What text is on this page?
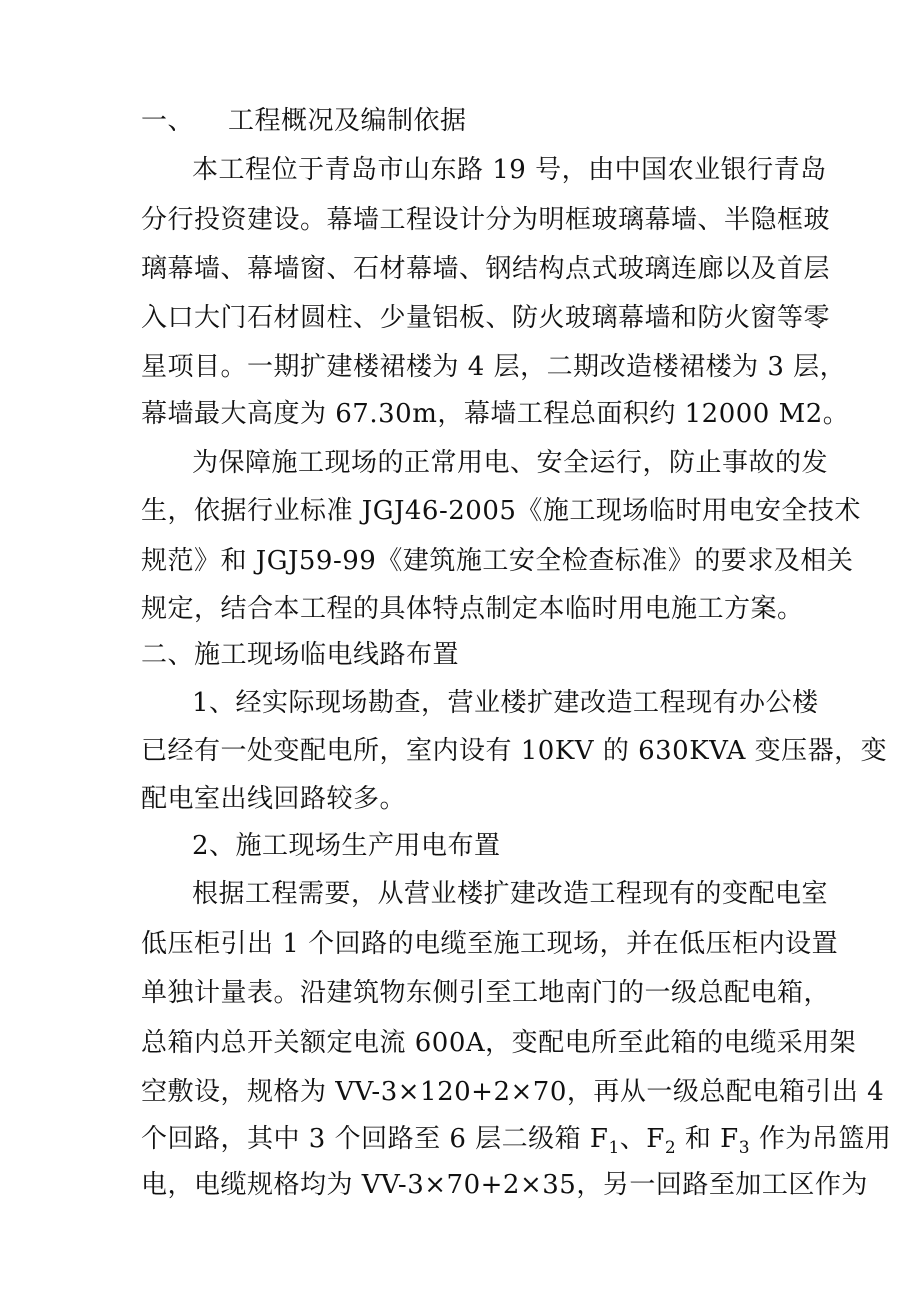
一、 工程概况及编制依据
本工程位于青岛市山东路 19 号，由中国农业银行青岛
分行投资建设。幕墙工程设计分为明框玻璃幕墙、半隐框玻
璃幕墙、幕墙窗、石材幕墙、钢结构点式玻璃连廊以及首层
入口大门石材圆柱、少量铝板、防火玻璃幕墙和防火窗等零
星项目。一期扩建楼裙楼为 4 层，二期改造楼裙楼为 3 层，
幕墙最大高度为 67.30m，幕墙工程总面积约 12000 M2。
为保障施工现场的正常用电、安全运行，防止事故的发
生，依据行业标准 JGJ46-2005《施工现场临时用电安全技术
规范》和 JGJ59-99《建筑施工安全检查标准》的要求及相关
规定，结合本工程的具体特点制定本临时用电施工方案。
二、施工现场临电线路布置
1、经实际现场勘查，营业楼扩建改造工程现有办公楼
已经有一处变配电所，室内设有 10KV 的 630KVA 变压器，变
配电室出线回路较多。
2、施工现场生产用电布置
根据工程需要，从营业楼扩建改造工程现有的变配电室
低压柜引出 1 个回路的电缆至施工现场，并在低压柜内设置
单独计量表。沿建筑物东侧引至工地南门的一级总配电箱，
总箱内总开关额定电流 600A，变配电所至此箱的电缆采用架
空敷设，规格为 VV-3×120+2×70，再从一级总配电箱引出 4
个回路，其中 3 个回路至 6 层二级箱 $F_1$、$F_2$ 和 $F_3$ 作为吊篮用
电，电缆规格均为 VV-3×70+2×35，另一回路至加工区作为
